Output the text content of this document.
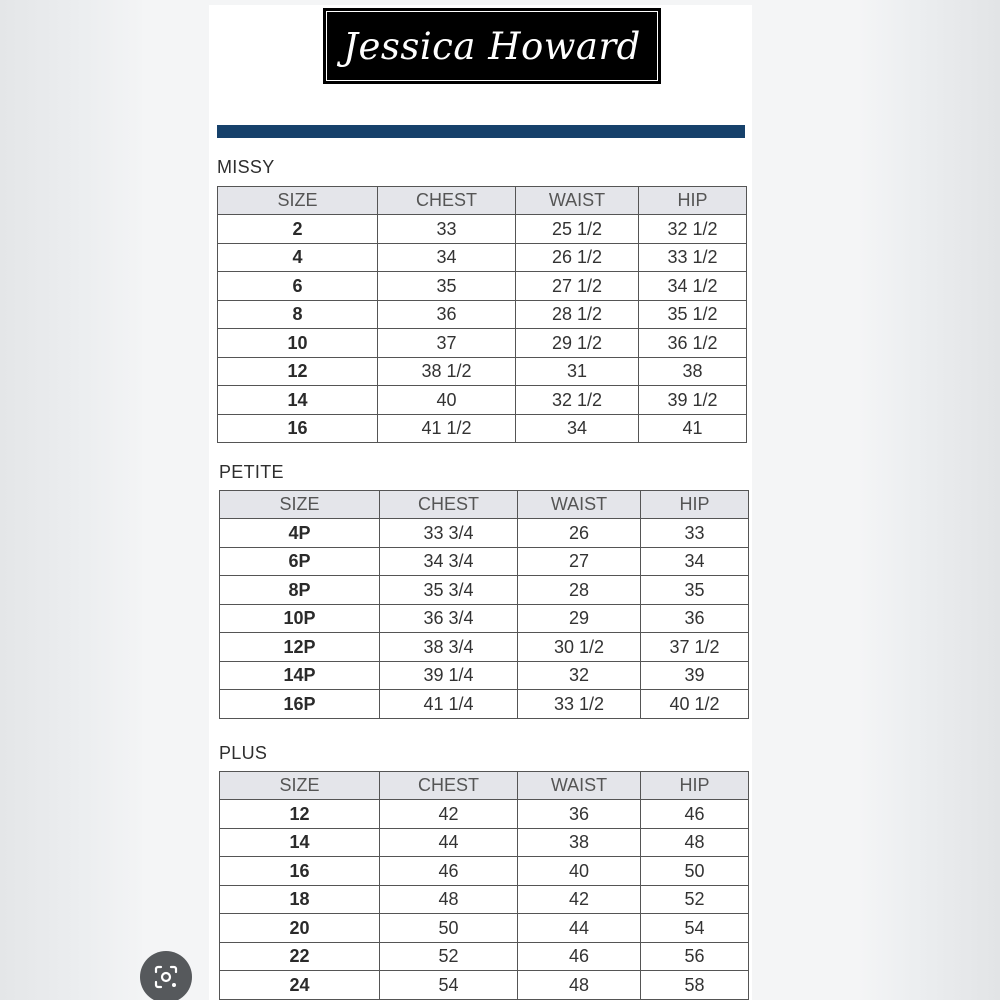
Jessica Howard
MISSY
SIZE	CHEST	WAIST	HIP
2	33	25 1/2	32 1/2
4	34	26 1/2	33 1/2
6	35	27 1/2	34 1/2
8	36	28 1/2	35 1/2
10	37	29 1/2	36 1/2
12	38 1/2	31	38
14	40	32 1/2	39 1/2
16	41 1/2	34	41
PETITE
SIZE	CHEST	WAIST	HIP
4P	33 3/4	26	33
6P	34 3/4	27	34
8P	35 3/4	28	35
10P	36 3/4	29	36
12P	38 3/4	30 1/2	37 1/2
14P	39 1/4	32	39
16P	41 1/4	33 1/2	40 1/2
PLUS
SIZE	CHEST	WAIST	HIP
12	42	36	46
14	44	38	48
16	46	40	50
18	48	42	52
20	50	44	54
22	52	46	56
24	54	48	58
